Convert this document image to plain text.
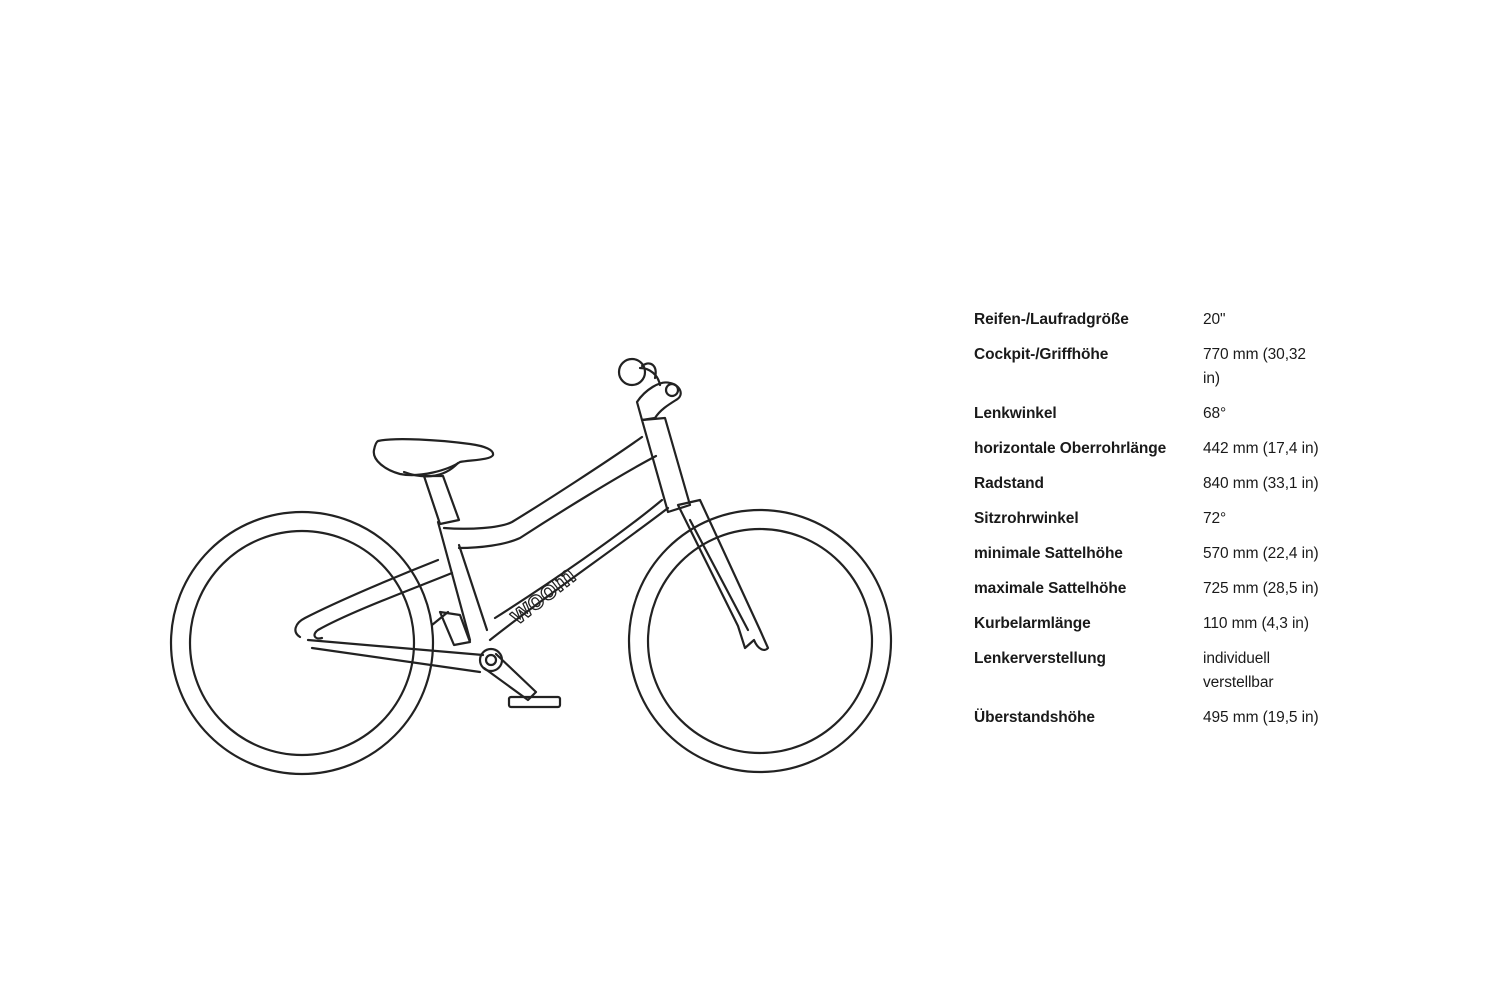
woom
Reifen-/Laufradgröße	20"
Cockpit-/Griffhöhe	770 mm (30,32 in)
Lenkwinkel	68°
horizontale Oberrohrlänge	442 mm (17,4 in)
Radstand	840 mm (33,1 in)
Sitzrohrwinkel	72°
minimale Sattelhöhe	570 mm (22,4 in)
maximale Sattelhöhe	725 mm (28,5 in)
Kurbelarmlänge	110 mm (4,3 in)
Lenkerverstellung	individuell verstellbar
Überstandshöhe	495 mm (19,5 in)
